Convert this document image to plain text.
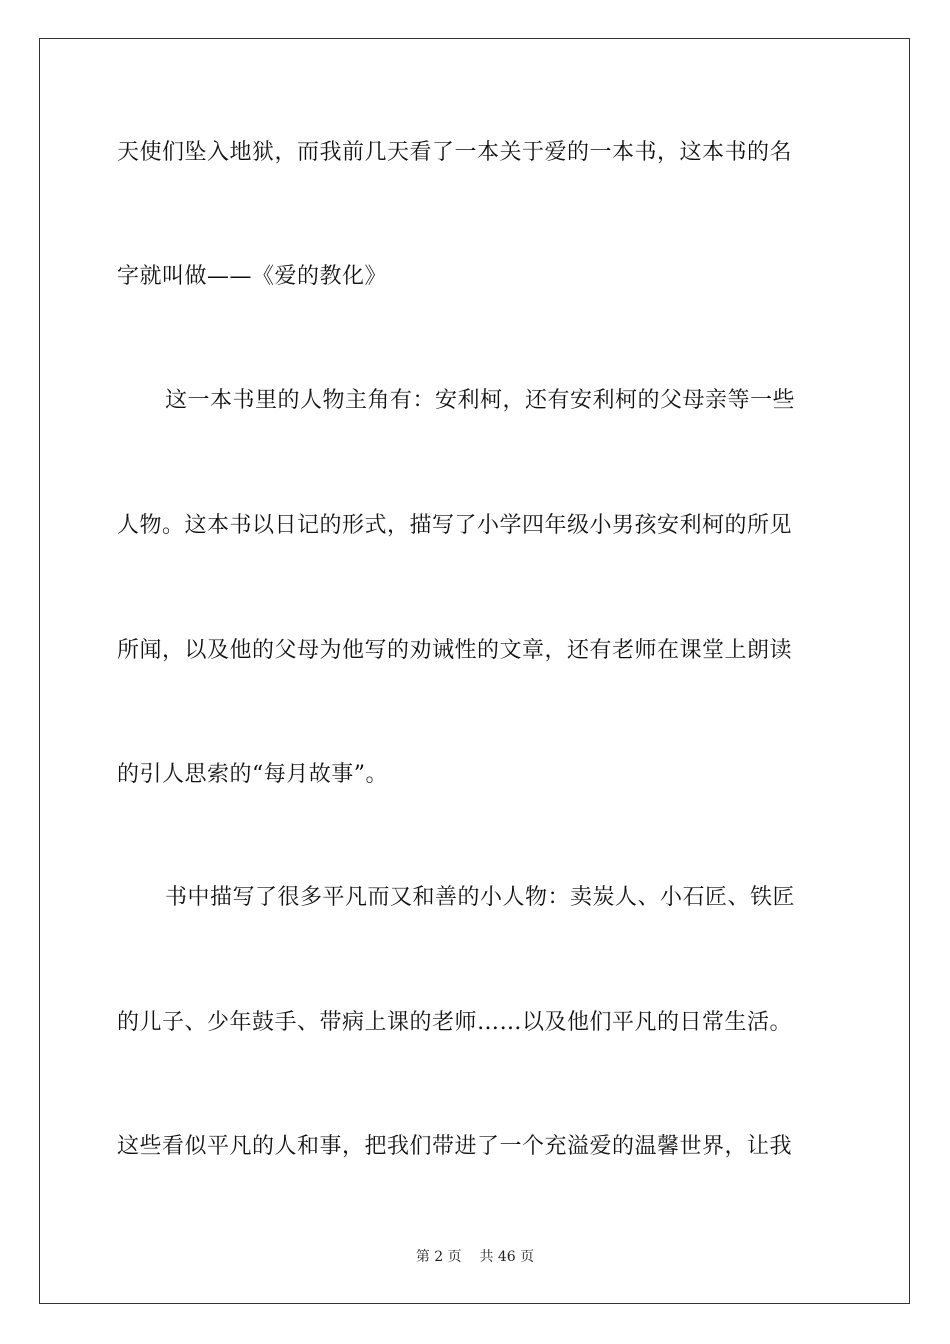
天使们坠入地狱，而我前几天看了一本关于爱的一本书，这本书的名
字就叫做——《爱的教化》
这一本书里的人物主角有：安利柯，还有安利柯的父母亲等一些
人物。这本书以日记的形式，描写了小学四年级小男孩安利柯的所见
所闻，以及他的父母为他写的劝诫性的文章，还有老师在课堂上朗读
的引人思索的“每月故事”。
书中描写了很多平凡而又和善的小人物：卖炭人、小石匠、铁匠
的儿子、少年鼓手、带病上课的老师……以及他们平凡的日常生活。
这些看似平凡的人和事，把我们带进了一个充溢爱的温馨世界，让我
第 2 页 共 46 页
